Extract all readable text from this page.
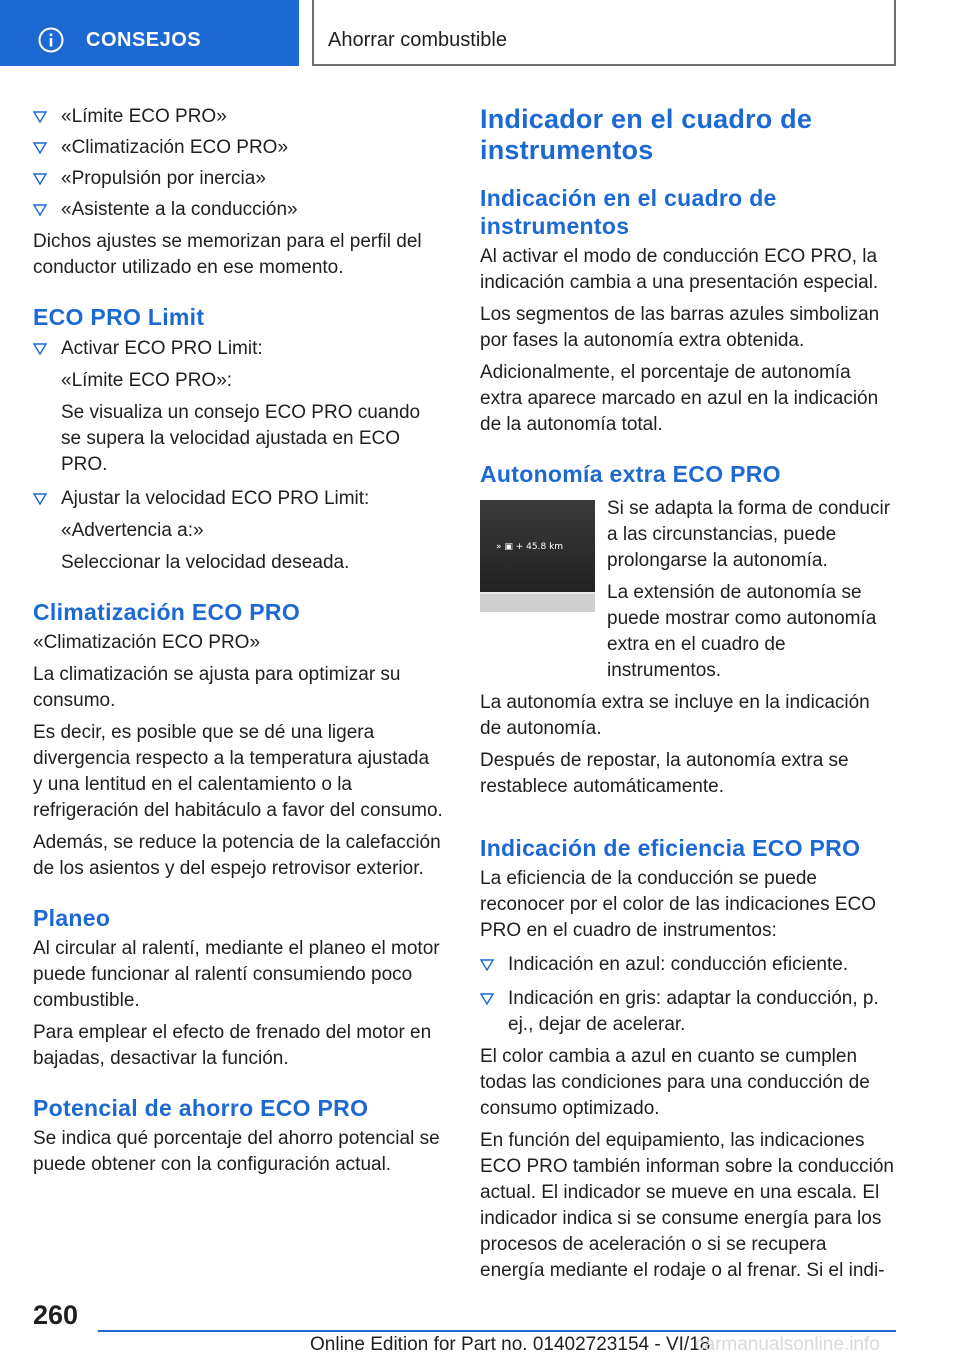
CONSEJOS	Ahorrar combustible
«Límite ECO PRO»
«Climatización ECO PRO»
«Propulsión por inercia»
«Asistente a la conducción»

Dichos ajustes se memorizan para el perfil del conductor utilizado en ese momento.

ECO PRO Limit
Activar ECO PRO Limit:
«Límite ECO PRO»:
Se visualiza un consejo ECO PRO cuando se supera la velocidad ajustada en ECO PRO.
Ajustar la velocidad ECO PRO Limit:
«Advertencia a:»
Seleccionar la velocidad deseada.
Climatización ECO PRO

«Climatización ECO PRO»

La climatización se ajusta para optimizar su consumo.

Es decir, es posible que se dé una ligera divergencia respecto a la temperatura ajustada y una lentitud en el calentamiento o la refrigeración del habitáculo a favor del consumo.

Además, se reduce la potencia de la calefacción de los asientos y del espejo retrovisor exterior.

Planeo

Al circular al ralentí, mediante el planeo el motor puede funcionar al ralentí consumiendo poco combustible.

Para emplear el efecto de frenado del motor en bajadas, desactivar la función.

Potencial de ahorro ECO PRO

Se indica qué porcentaje del ahorro potencial se puede obtener con la configuración actual.

Indicador en el cuadro de instrumentos
Indicación en el cuadro de instrumentos

Al activar el modo de conducción ECO PRO, la indicación cambia a una presentación especial.

Los segmentos de las barras azules simbolizan por fases la autonomía extra obtenida.

Adicionalmente, el porcentaje de autonomía extra aparece marcado en azul en la indicación de la autonomía total.

Autonomía extra ECO PRO
» ▣ + 45.8 km

Si se adapta la forma de conducir a las circunstancias, puede prolongarse la autonomía.

La extensión de autonomía se puede mostrar como autonomía extra en el cuadro de instrumentos.

La autonomía extra se incluye en la indicación de autonomía.

Después de repostar, la autonomía extra se restablece automáticamente.

Indicación de eficiencia ECO PRO

La eficiencia de la conducción se puede reconocer por el color de las indicaciones ECO PRO en el cuadro de instrumentos:

Indicación en azul: conducción eficiente.
Indicación en gris: adaptar la conducción, p. ej., dejar de acelerar.

El color cambia a azul en cuanto se cumplen todas las condiciones para una conducción de consumo optimizado.

En función del equipamiento, las indicaciones ECO PRO también informan sobre la conducción actual. El indicador se mueve en una escala. El indicador indica si se consume energía para los procesos de aceleración o si se recupera energía mediante el rodaje o al frenar. Si el indi-

260
Online Edition for Part no. 01402723154 - VI/18
carmanualsonline.info
